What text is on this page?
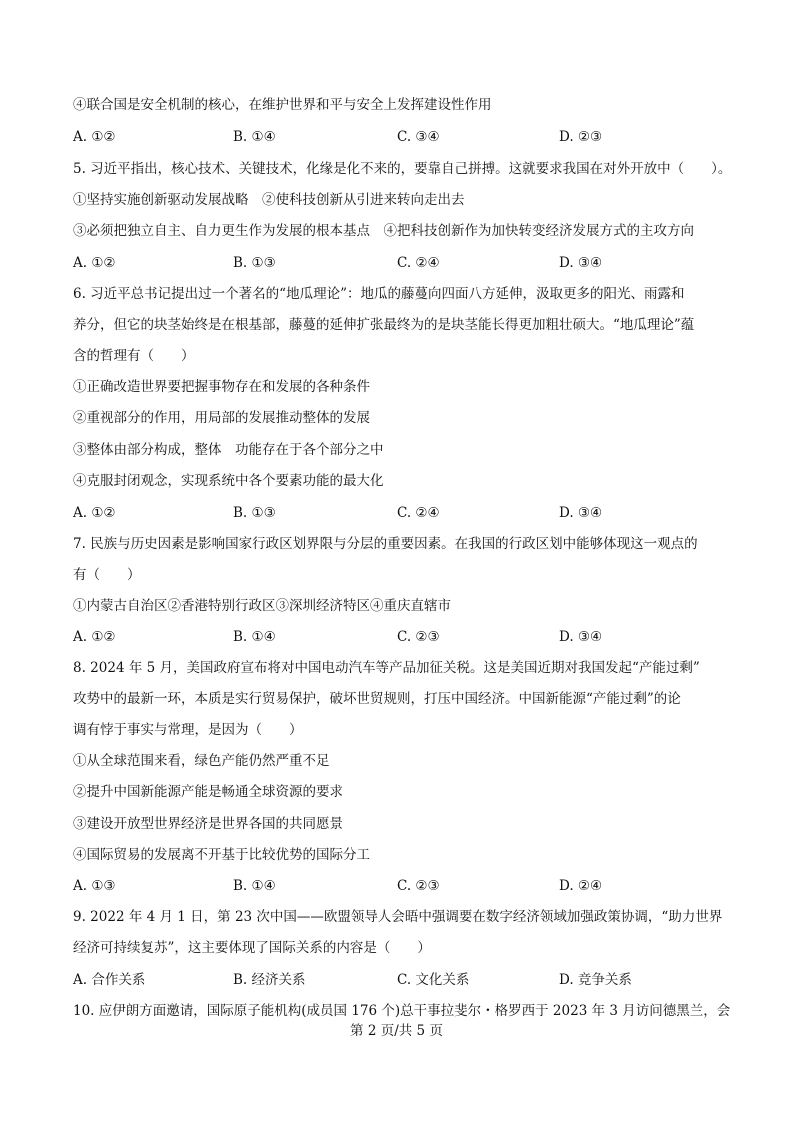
④联合国是安全机制的核心，在维护世界和平与安全上发挥建设性作用
A. ①②	B. ①④	C. ③④	D. ②③
5. 习近平指出，核心技术、关键技术，化缘是化不来的，要靠自己拼搏。这就要求我国在对外开放中（　　）。
①坚持实施创新驱动发展战略　②使科技创新从引进来转向走出去
③必须把独立自主、自力更生作为发展的根本基点　④把科技创新作为加快转变经济发展方式的主攻方向
A. ①②	B. ①③	C. ②④	D. ③④
6. 习近平总书记提出过一个著名的“地瓜理论”：地瓜的藤蔓向四面八方延伸，汲取更多的阳光、雨露和
养分，但它的块茎始终是在根基部，藤蔓的延伸扩张最终为的是块茎能长得更加粗壮硕大。“地瓜理论”蕴
含的哲理有（　　）
①正确改造世界要把握事物存在和发展的各种条件
②重视部分的作用，用局部的发展推动整体的发展
③整体由部分构成，整体　功能存在于各个部分之中
④克服封闭观念，实现系统中各个要素功能的最大化
A. ①②	B. ①③	C. ②④	D. ③④
7. 民族与历史因素是影响国家行政区划界限与分层的重要因素。在我国的行政区划中能够体现这一观点的
有（　　）
①内蒙古自治区②香港特别行政区③深圳经济特区④重庆直辖市
A. ①②	B. ①④	C. ②③	D. ③④
8. 2024 年 5 月，美国政府宣布将对中国电动汽车等产品加征关税。这是美国近期对我国发起“产能过剩”
攻势中的最新一环，本质是实行贸易保护，破坏世贸规则，打压中国经济。中国新能源“产能过剩”的论
调有悖于事实与常理，是因为（　　）
①从全球范围来看，绿色产能仍然严重不足
②提升中国新能源产能是畅通全球资源的要求
③建设开放型世界经济是世界各国的共同愿景
④国际贸易的发展离不开基于比较优势的国际分工
A. ①③	B. ①④	C. ②③	D. ②④
9. 2022 年 4 月 1 日，第 23 次中国——欧盟领导人会晤中强调要在数字经济领域加强政策协调，“助力世界
经济可持续复苏”，这主要体现了国际关系的内容是（　　）
A. 合作关系	B. 经济关系	C. 文化关系	D. 竞争关系
10. 应伊朗方面邀请，国际原子能机构(成员国 176 个)总干事拉斐尔・格罗西于 2023 年 3 月访问德黑兰，会
第 2 页/共 5 页
